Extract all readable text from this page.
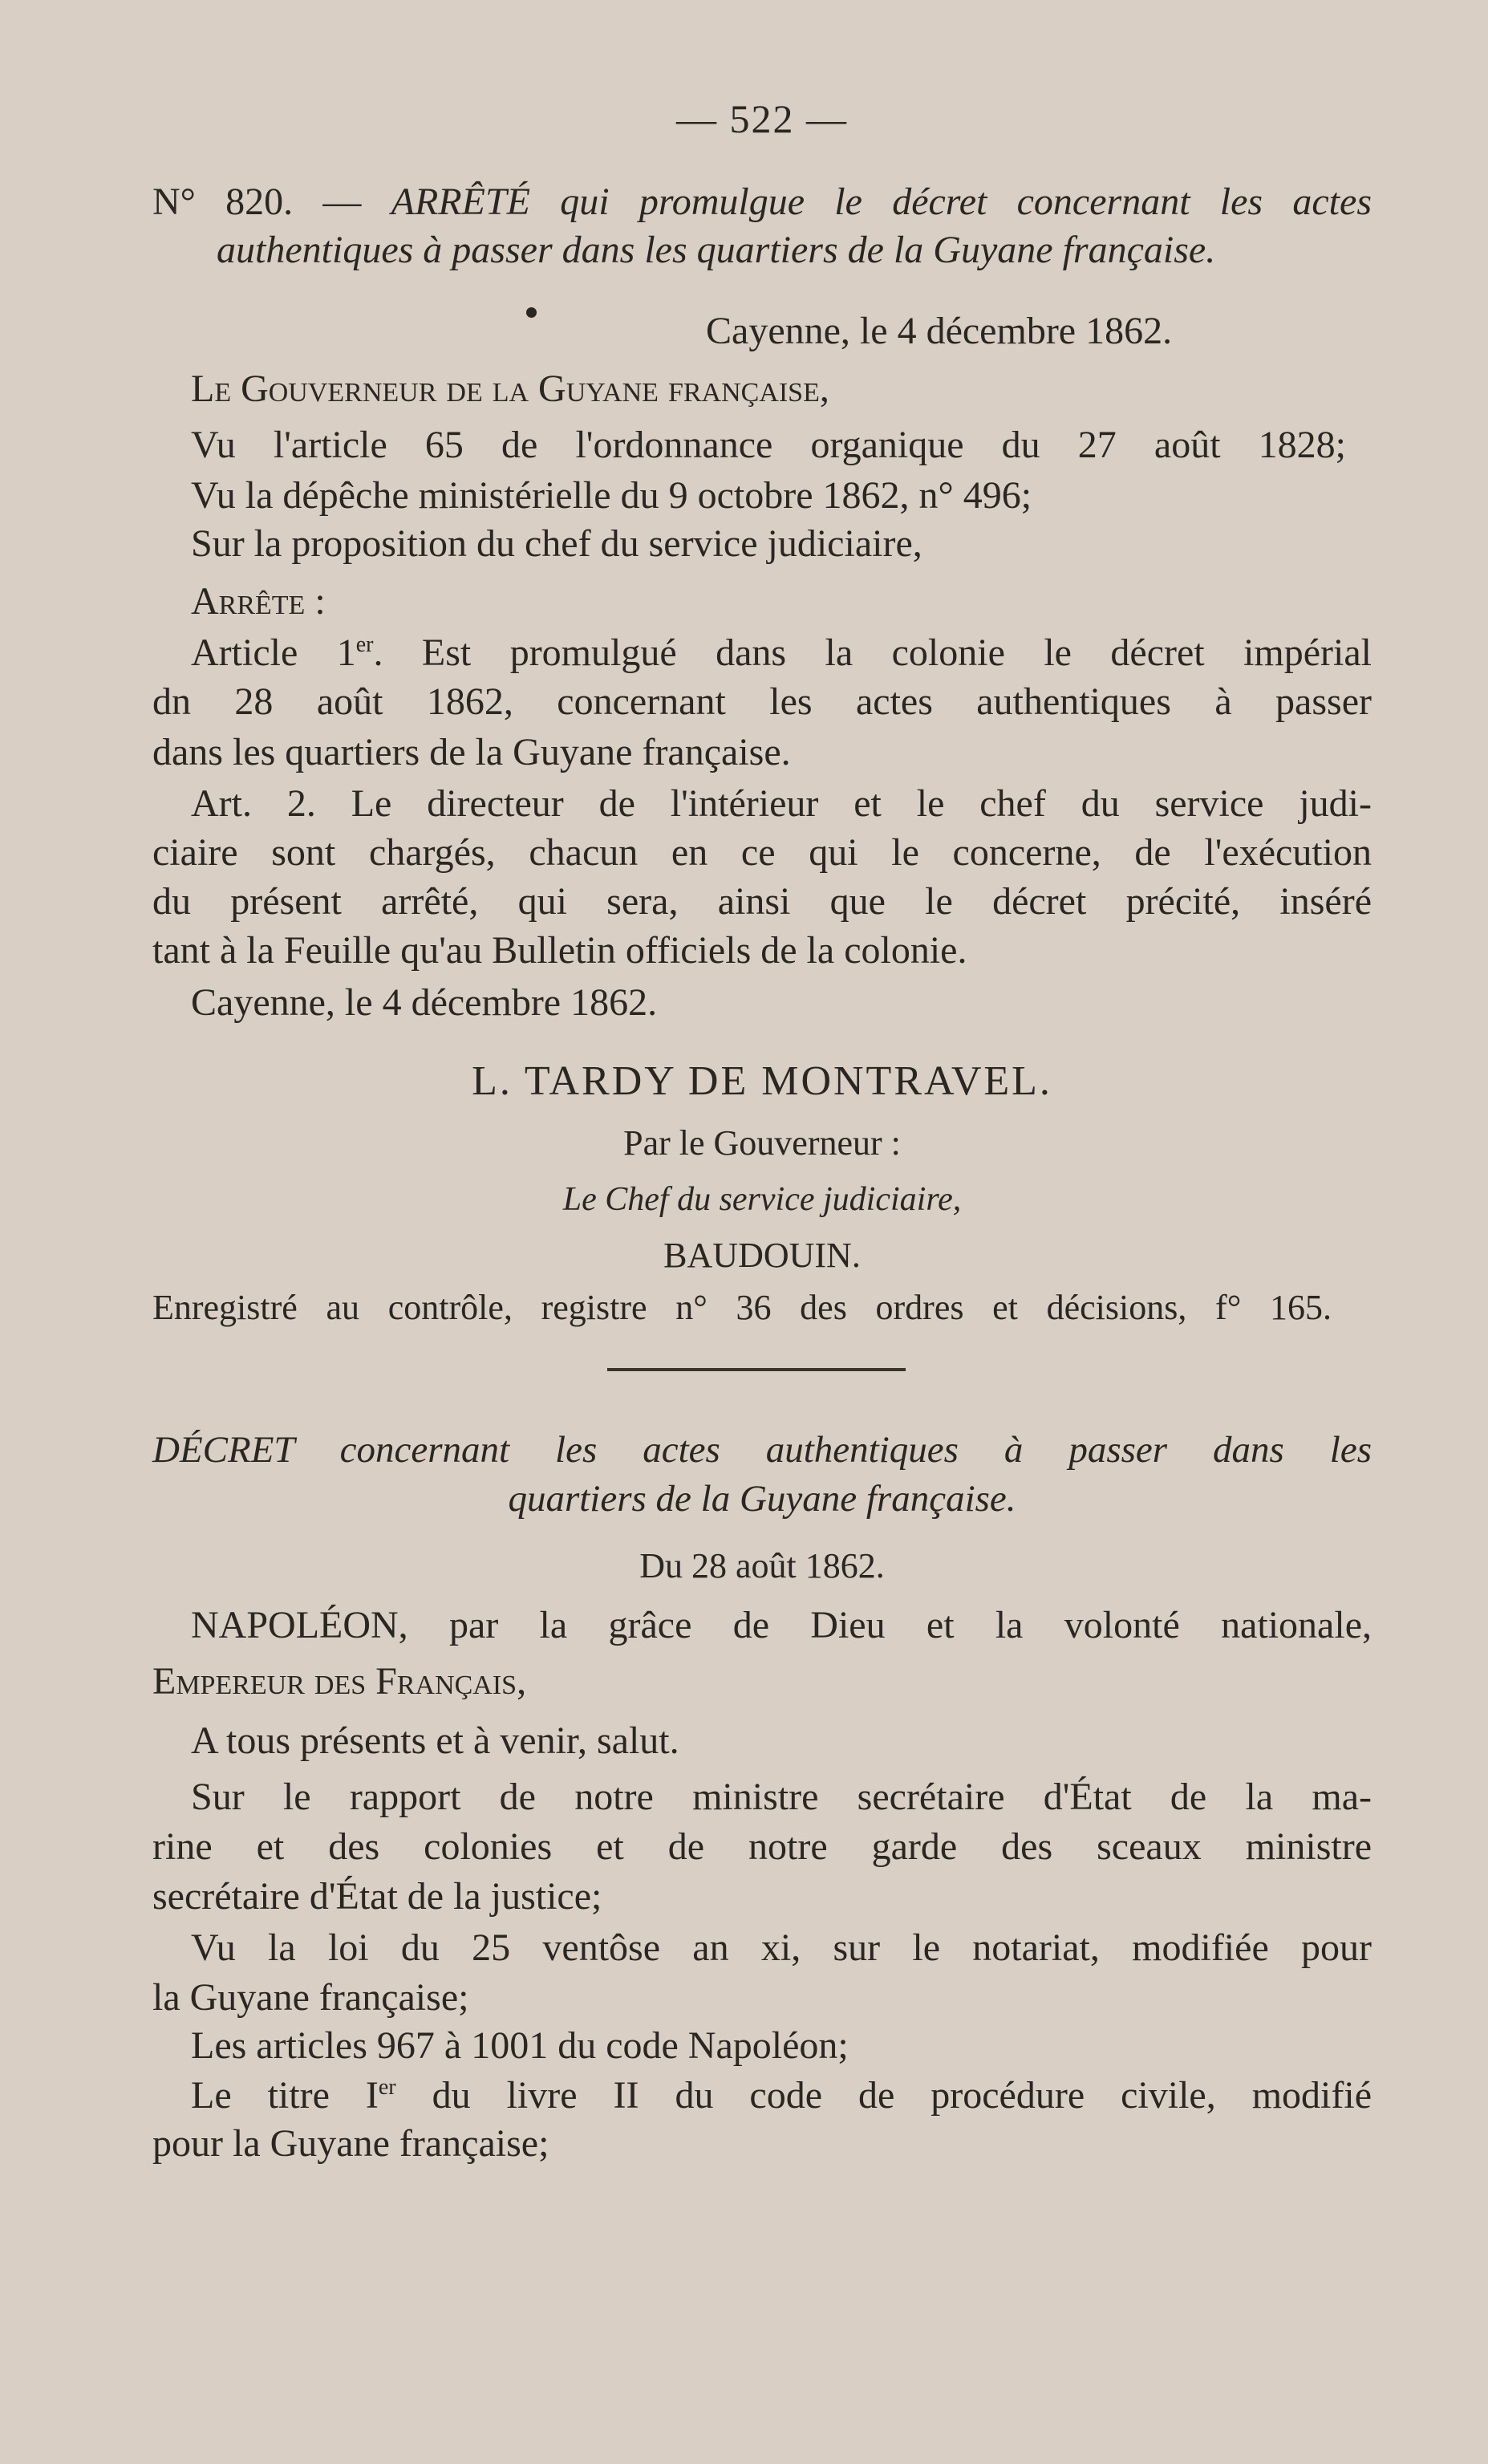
— 522 —
N° 820. — ARRÊTÉ qui promulgue le décret concernant les actes
authentiques à passer dans les quartiers de la Guyane française.
Cayenne, le 4 décembre 1862.
Le Gouverneur de la Guyane française,
Vu l'article 65 de l'ordonnance organique du 27 août 1828;
Vu la dépêche ministérielle du 9 octobre 1862, n° 496;
Sur la proposition du chef du service judiciaire,
Arrête :
Article 1er. Est promulgué dans la colonie le décret impérial
dn 28 août 1862, concernant les actes authentiques à passer
dans les quartiers de la Guyane française.
Art. 2. Le directeur de l'intérieur et le chef du service judi-
ciaire sont chargés, chacun en ce qui le concerne, de l'exécution
du présent arrêté, qui sera, ainsi que le décret précité, inséré
tant à la Feuille qu'au Bulletin officiels de la colonie.
Cayenne, le 4 décembre 1862.
L. TARDY DE MONTRAVEL.
Par le Gouverneur :
Le Chef du service judiciaire,
BAUDOUIN.
Enregistré au contrôle, registre n° 36 des ordres et décisions, f° 165.
DÉCRET concernant les actes authentiques à passer dans les
quartiers de la Guyane française.
Du 28 août 1862.
NAPOLÉON, par la grâce de Dieu et la volonté nationale,
Empereur des Français,
A tous présents et à venir, salut.
Sur le rapport de notre ministre secrétaire d'État de la ma-
rine et des colonies et de notre garde des sceaux ministre
secrétaire d'État de la justice;
Vu la loi du 25 ventôse an xi, sur le notariat, modifiée pour
la Guyane française;
Les articles 967 à 1001 du code Napoléon;
Le titre Ier du livre II du code de procédure civile, modifié
pour la Guyane française;
